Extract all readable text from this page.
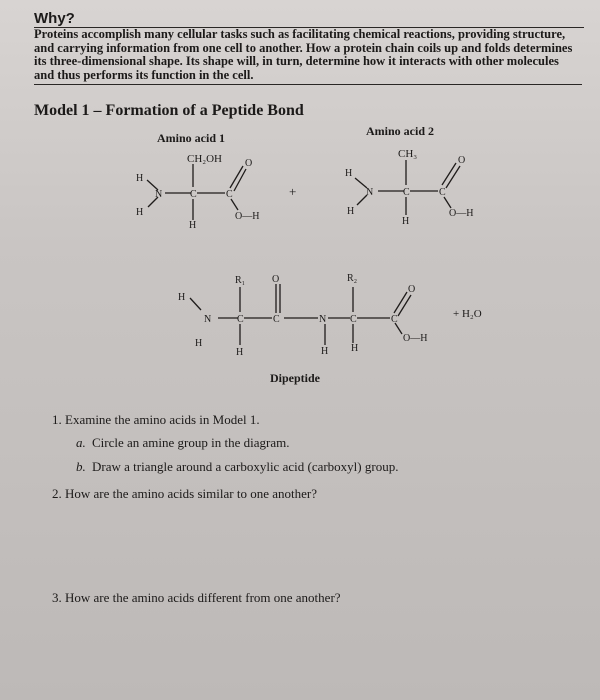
Why?
Proteins accomplish many cellular tasks such as facilitating chemical reactions, providing structure, and carrying information from one cell to another. How a protein chain coils up and folds determines its three-dimensional shape. Its shape will, in turn, determine how it interacts with other molecules and thus performs its function in the cell.
Model 1 – Formation of a Peptide Bond
Amino acid 1
CH₂OH
H
N
H
C
H
C
O
O—H
+
Amino acid 2
CH₃
H
N
H
C
H
C
O
O—H
R₁	R₂
H
N
H
C
H
C
O
N
H
C
H
C
O
O—H
+ H₂O
Dipeptide
1. Examine the amino acids in Model 1.
a. Circle an amine group in the diagram.
b. Draw a triangle around a carboxylic acid (carboxyl) group.
2. How are the amino acids similar to one another?
3. How are the amino acids different from one another?
